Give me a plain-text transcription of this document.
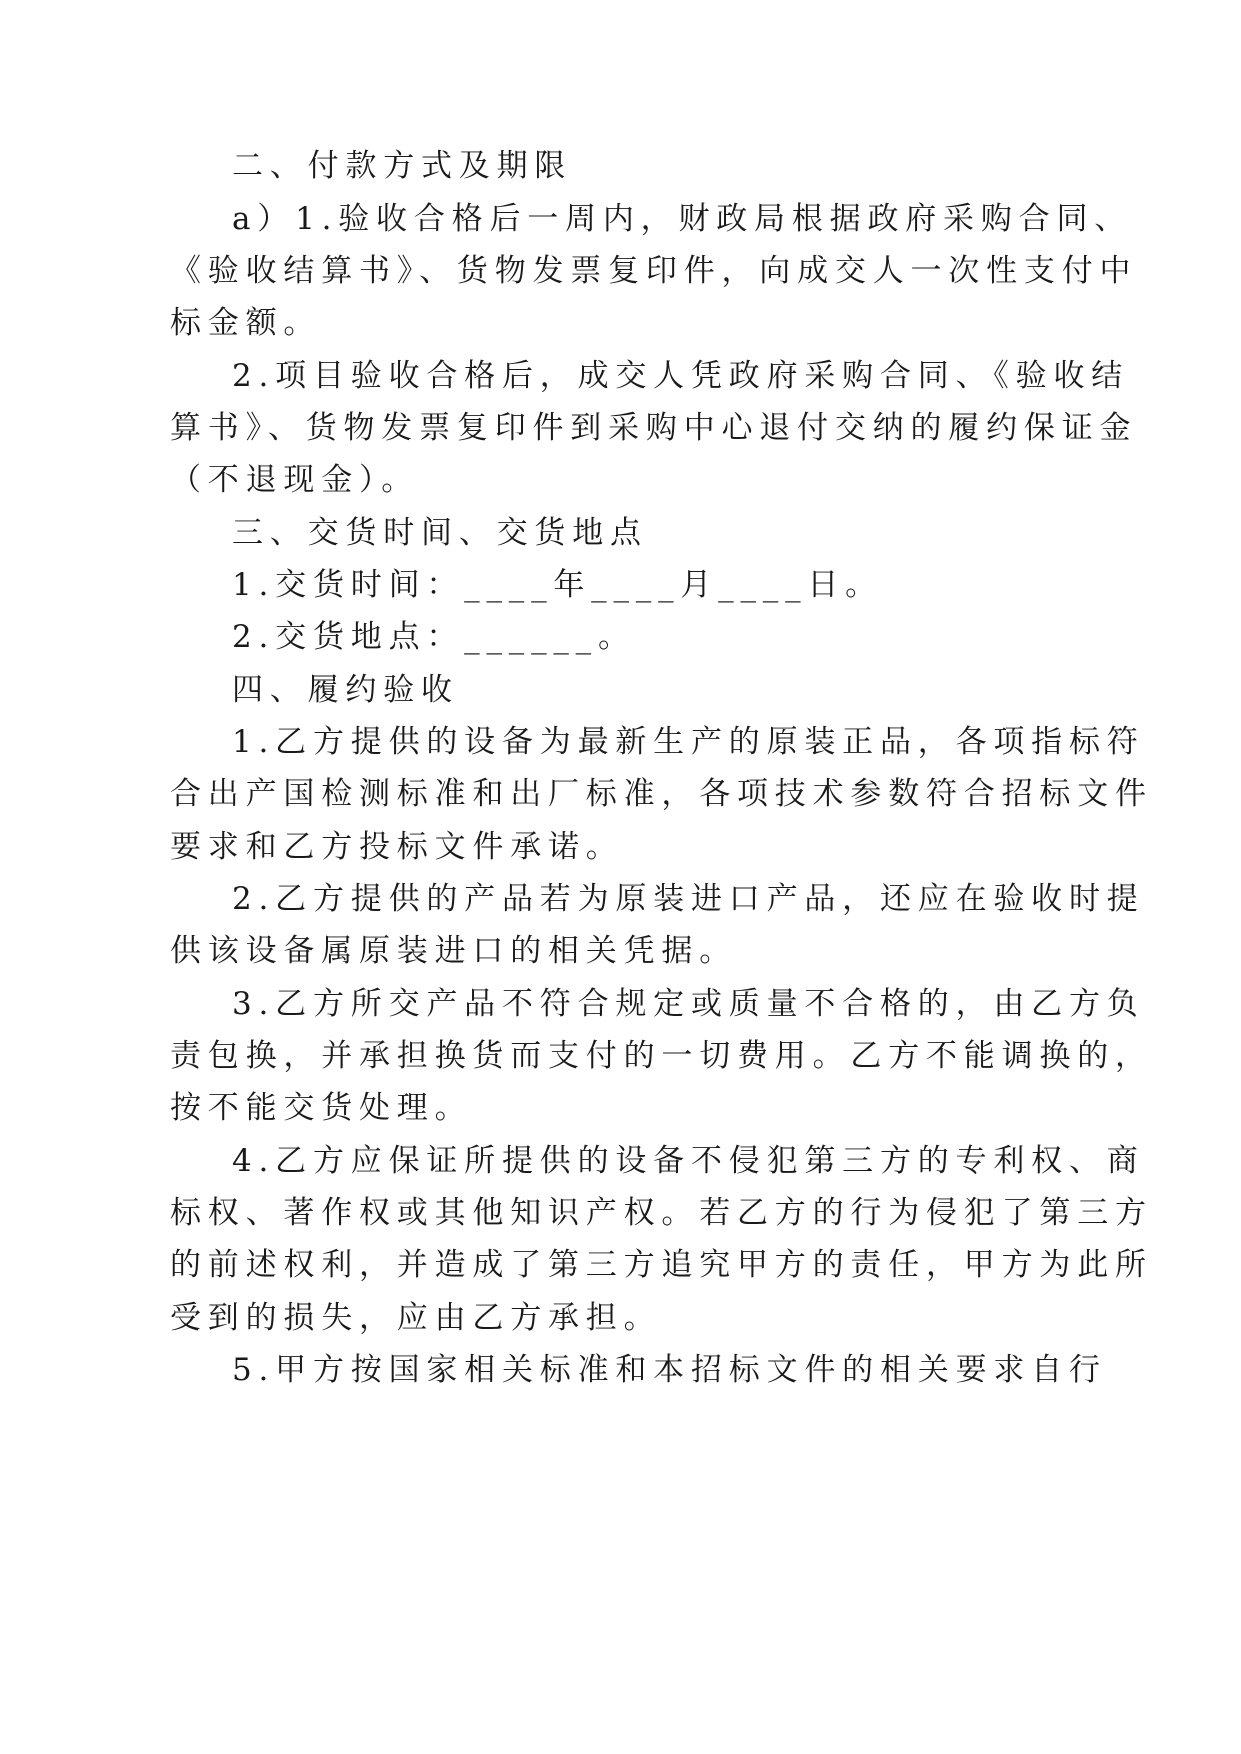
二、付款方式及期限
a）1.验收合格后一周内，财政局根据政府采购合同、
《验收结算书》、货物发票复印件，向成交人一次性支付中
标金额。
2.项目验收合格后，成交人凭政府采购合同、《验收结
算书》、货物发票复印件到采购中心退付交纳的履约保证金
（不退现金）。
三、交货时间、交货地点
1.交货时间：____年____月____日。
2.交货地点：______。
四、履约验收
1.乙方提供的设备为最新生产的原装正品，各项指标符
合出产国检测标准和出厂标准，各项技术参数符合招标文件
要求和乙方投标文件承诺。
2.乙方提供的产品若为原装进口产品，还应在验收时提
供该设备属原装进口的相关凭据。
3.乙方所交产品不符合规定或质量不合格的，由乙方负
责包换，并承担换货而支付的一切费用。乙方不能调换的，
按不能交货处理。
4.乙方应保证所提供的设备不侵犯第三方的专利权、商
标权、著作权或其他知识产权。若乙方的行为侵犯了第三方
的前述权利，并造成了第三方追究甲方的责任，甲方为此所
受到的损失，应由乙方承担。
5.甲方按国家相关标准和本招标文件的相关要求自行
